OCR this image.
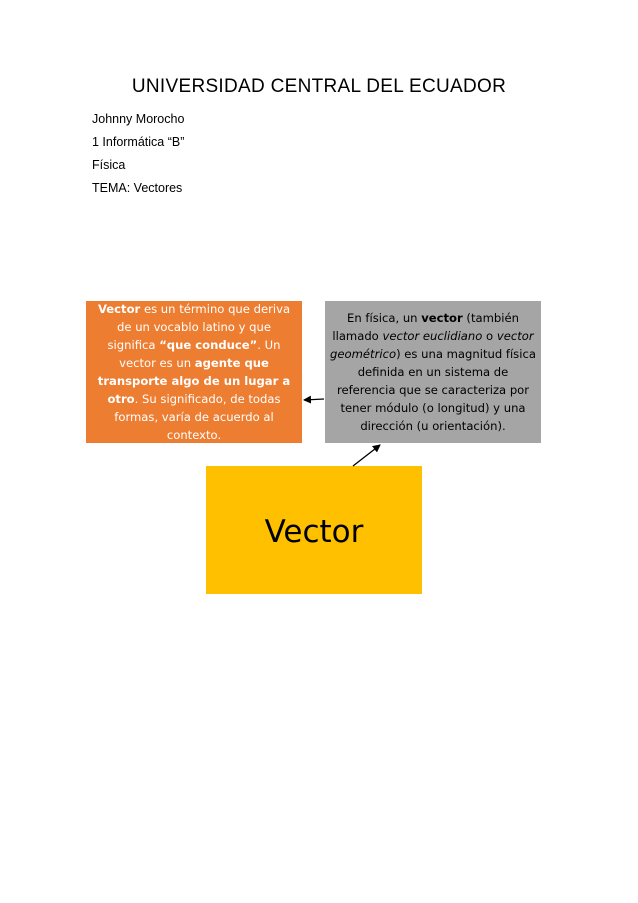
UNIVERSIDAD CENTRAL DEL ECUADOR
Johnny Morocho
1 Informática “B”
Física
TEMA: Vectores

Vector es un término que deriva de un vocablo latino y que significa “que conduce”. Un vector es un agente que transporte algo de un lugar a otro. Su significado, de todas formas, varía de acuerdo al contexto.

En física, un vector (también llamado vector euclidiano o vector geométrico) es una magnitud física definida en un sistema de referencia que se caracteriza por tener módulo (o longitud) y una dirección (u orientación).

Vector
